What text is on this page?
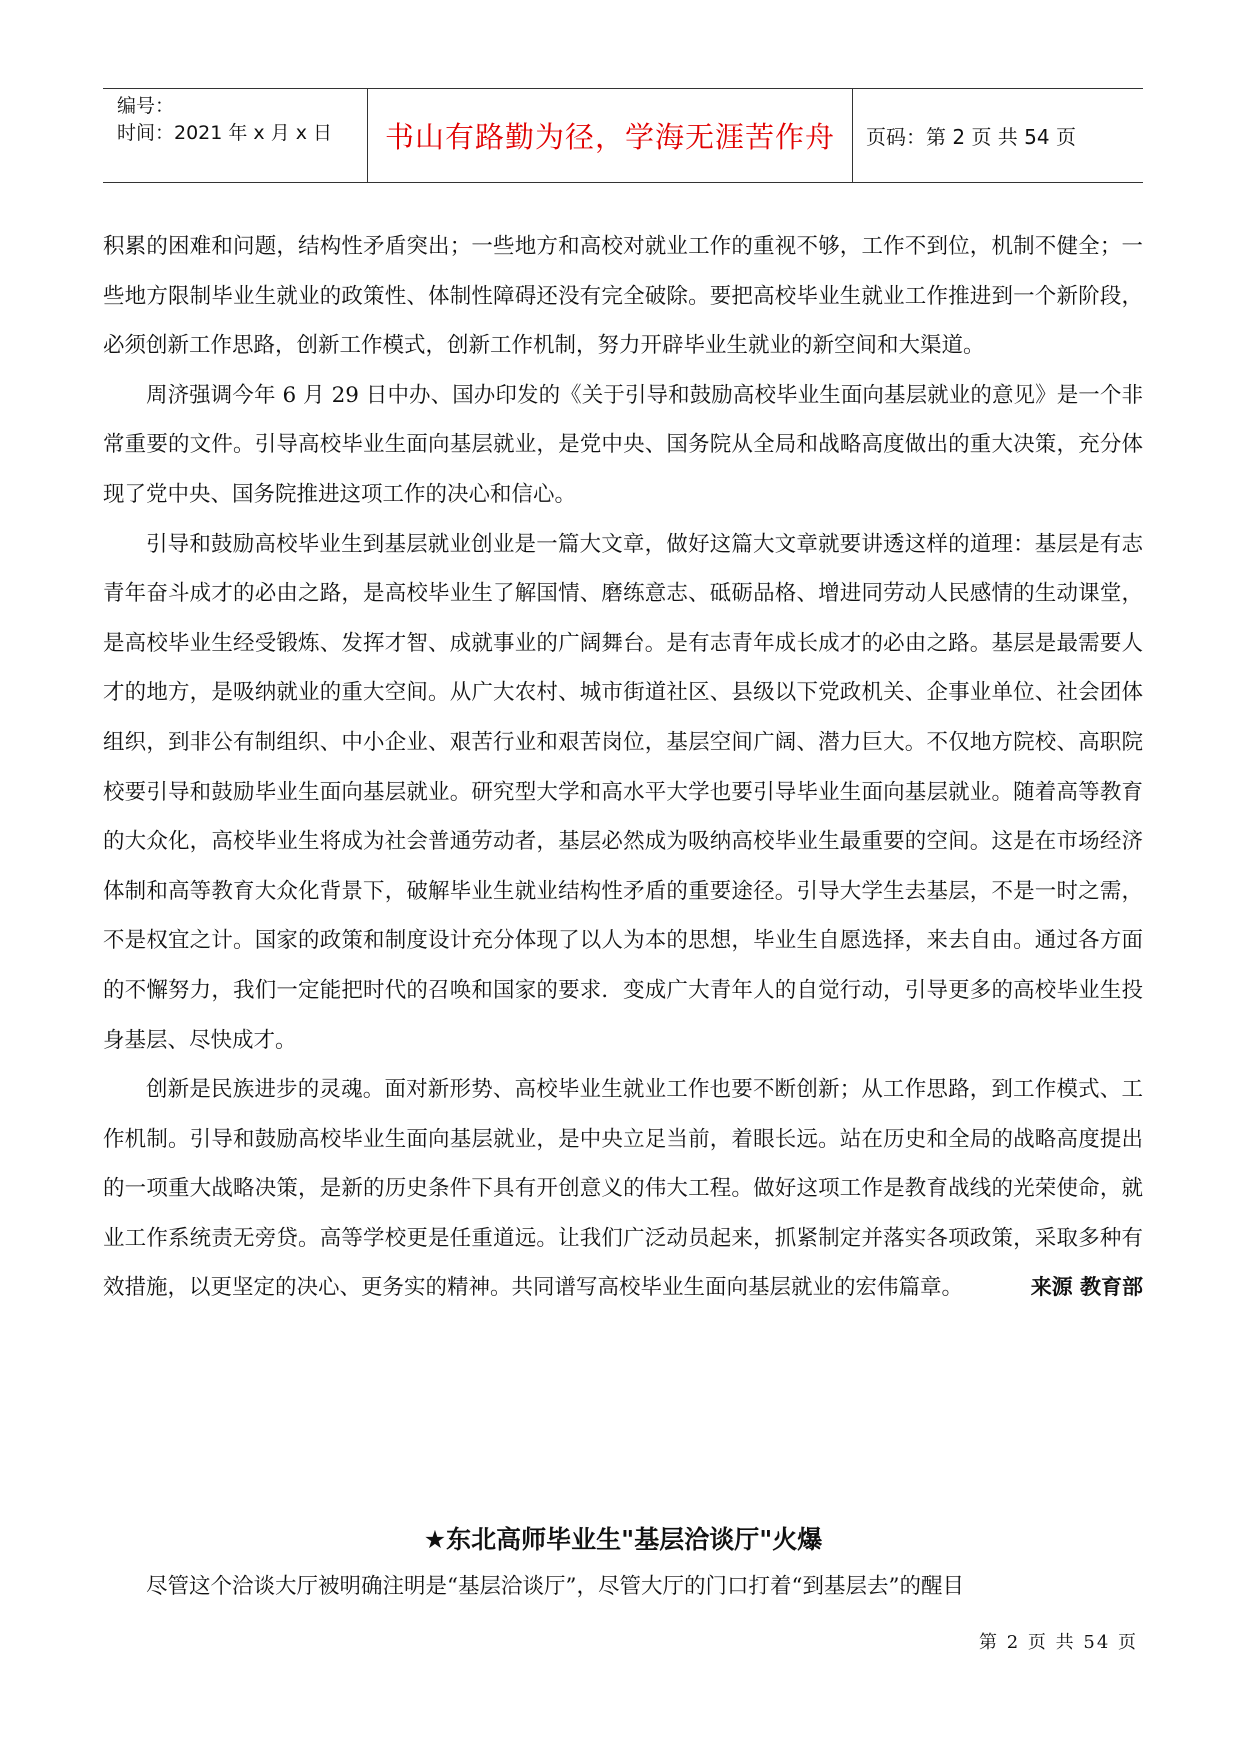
编号：
时间：2021 年 x 月 x 日	书山有路勤为径，学海无涯苦作舟	页码：第 2 页 共 54 页

积累的困难和问题，结构性矛盾突出；一些地方和高校对就业工作的重视不够，工作不到位，机制不健全；一些地方限制毕业生就业的政策性、体制性障碍还没有完全破除。要把高校毕业生就业工作推进到一个新阶段，必须创新工作思路，创新工作模式，创新工作机制，努力开辟毕业生就业的新空间和大渠道。

周济强调今年 6 月 29 日中办、国办印发的《关于引导和鼓励高校毕业生面向基层就业的意见》是一个非常重要的文件。引导高校毕业生面向基层就业，是党中央、国务院从全局和战略高度做出的重大决策，充分体现了党中央、国务院推进这项工作的决心和信心。

引导和鼓励高校毕业生到基层就业创业是一篇大文章，做好这篇大文章就要讲透这样的道理：基层是有志青年奋斗成才的必由之路，是高校毕业生了解国情、磨练意志、砥砺品格、增进同劳动人民感情的生动课堂，是高校毕业生经受锻炼、发挥才智、成就事业的广阔舞台。是有志青年成长成才的必由之路。基层是最需要人才的地方，是吸纳就业的重大空间。从广大农村、城市街道社区、县级以下党政机关、企事业单位、社会团体组织，到非公有制组织、中小企业、艰苦行业和艰苦岗位，基层空间广阔、潜力巨大。不仅地方院校、高职院校要引导和鼓励毕业生面向基层就业。研究型大学和高水平大学也要引导毕业生面向基层就业。随着高等教育的大众化，高校毕业生将成为社会普通劳动者，基层必然成为吸纳高校毕业生最重要的空间。这是在市场经济体制和高等教育大众化背景下，破解毕业生就业结构性矛盾的重要途径。引导大学生去基层，不是一时之需，不是权宜之计。国家的政策和制度设计充分体现了以人为本的思想，毕业生自愿选择，来去自由。通过各方面的不懈努力，我们一定能把时代的召唤和国家的要求．变成广大青年人的自觉行动，引导更多的高校毕业生投身基层、尽快成才。

创新是民族进步的灵魂。面对新形势、高校毕业生就业工作也要不断创新；从工作思路，到工作模式、工作机制。引导和鼓励高校毕业生面向基层就业，是中央立足当前，着眼长远。站在历史和全局的战略高度提出的一项重大战略决策，是新的历史条件下具有开创意义的伟大工程。做好这项工作是教育战线的光荣使命，就业工作系统责无旁贷。高等学校更是任重道远。让我们广泛动员起来，抓紧制定并落实各项政策，采取多种有效措施，以更坚定的决心、更务实的精神。共同谱写高校毕业生面向基层就业的宏伟篇章。	来源 教育部

★东北高师毕业生"基层洽谈厅"火爆
尽管这个洽谈大厅被明确注明是“基层洽谈厅”，尽管大厅的门口打着“到基层去”的醒目
第 2 页 共 54 页
